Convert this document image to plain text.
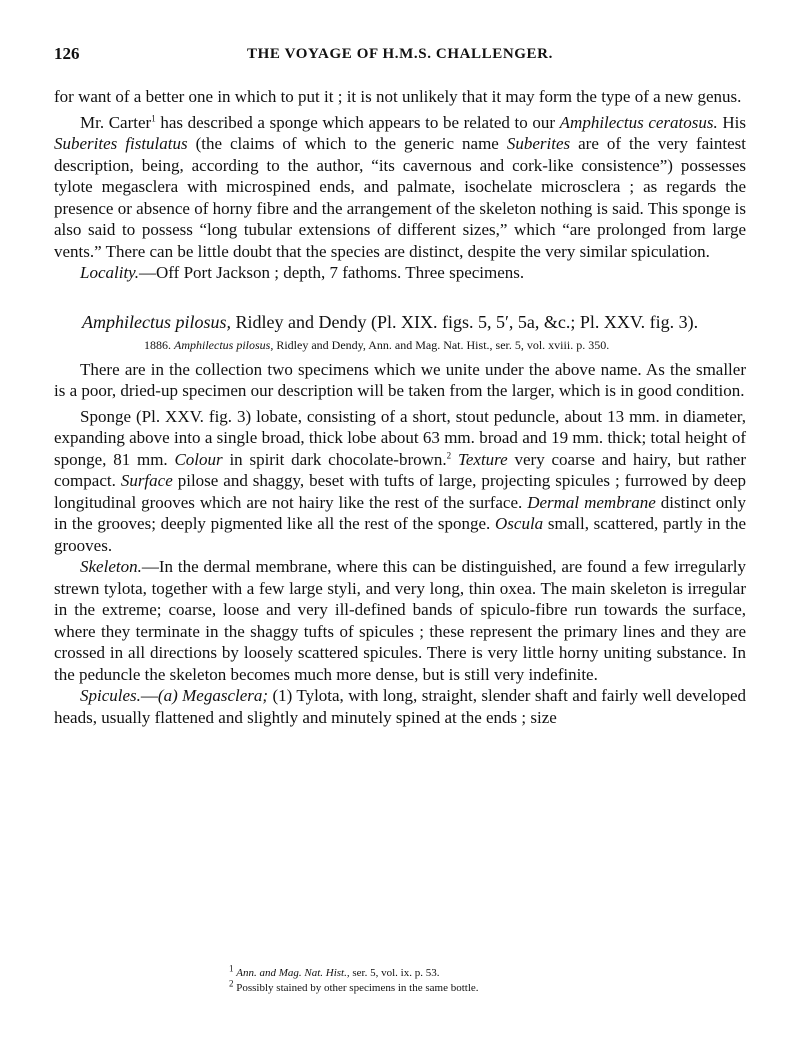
126	THE VOYAGE OF H.M.S. CHALLENGER.

for want of a better one in which to put it ; it is not unlikely that it may form the type of a new genus.

Mr. Carter$^1$ has described a sponge which appears to be related to our Amphilectus ceratosus. His Suberites fistulatus (the claims of which to the generic name Suberites are of the very faintest description, being, according to the author, “its cavernous and cork-like consistence”) possesses tylote megasclera with microspined ends, and palmate, isochelate microsclera ; as regards the presence or absence of horny fibre and the arrangement of the skeleton nothing is said. This sponge is also said to possess “long tubular extensions of different sizes,” which “are prolonged from large vents.” There can be little doubt that the species are distinct, despite the very similar spiculation.

Locality.—Off Port Jackson ; depth, 7 fathoms. Three specimens.

Amphilectus pilosus, Ridley and Dendy (Pl. XIX. figs. 5, 5′, 5a, &c.; Pl. XXV. fig. 3).

1886. Amphilectus pilosus, Ridley and Dendy, Ann. and Mag. Nat. Hist., ser. 5, vol. xviii. p. 350.

There are in the collection two specimens which we unite under the above name. As the smaller is a poor, dried-up specimen our description will be taken from the larger, which is in good condition.

Sponge (Pl. XXV. fig. 3) lobate, consisting of a short, stout peduncle, about 13 mm. in diameter, expanding above into a single broad, thick lobe about 63 mm. broad and 19 mm. thick; total height of sponge, 81 mm. Colour in spirit dark chocolate-brown.$^2$ Texture very coarse and hairy, but rather compact. Surface pilose and shaggy, beset with tufts of large, projecting spicules ; furrowed by deep longitudinal grooves which are not hairy like the rest of the surface. Dermal membrane distinct only in the grooves; deeply pigmented like all the rest of the sponge. Oscula small, scattered, partly in the grooves.

Skeleton.—In the dermal membrane, where this can be distinguished, are found a few irregularly strewn tylota, together with a few large styli, and very long, thin oxea. The main skeleton is irregular in the extreme; coarse, loose and very ill-defined bands of spiculo-fibre run towards the surface, where they terminate in the shaggy tufts of spicules ; these represent the primary lines and they are crossed in all directions by loosely scattered spicules. There is very little horny uniting substance. In the peduncle the skeleton becomes much more dense, but is still very indefinite.

Spicules.—(a) Megasclera; (1) Tylota, with long, straight, slender shaft and fairly well developed heads, usually flattened and slightly and minutely spined at the ends ; size

$^1$ Ann. and Mag. Nat. Hist., ser. 5, vol. ix. p. 53.

$^2$ Possibly stained by other specimens in the same bottle.
